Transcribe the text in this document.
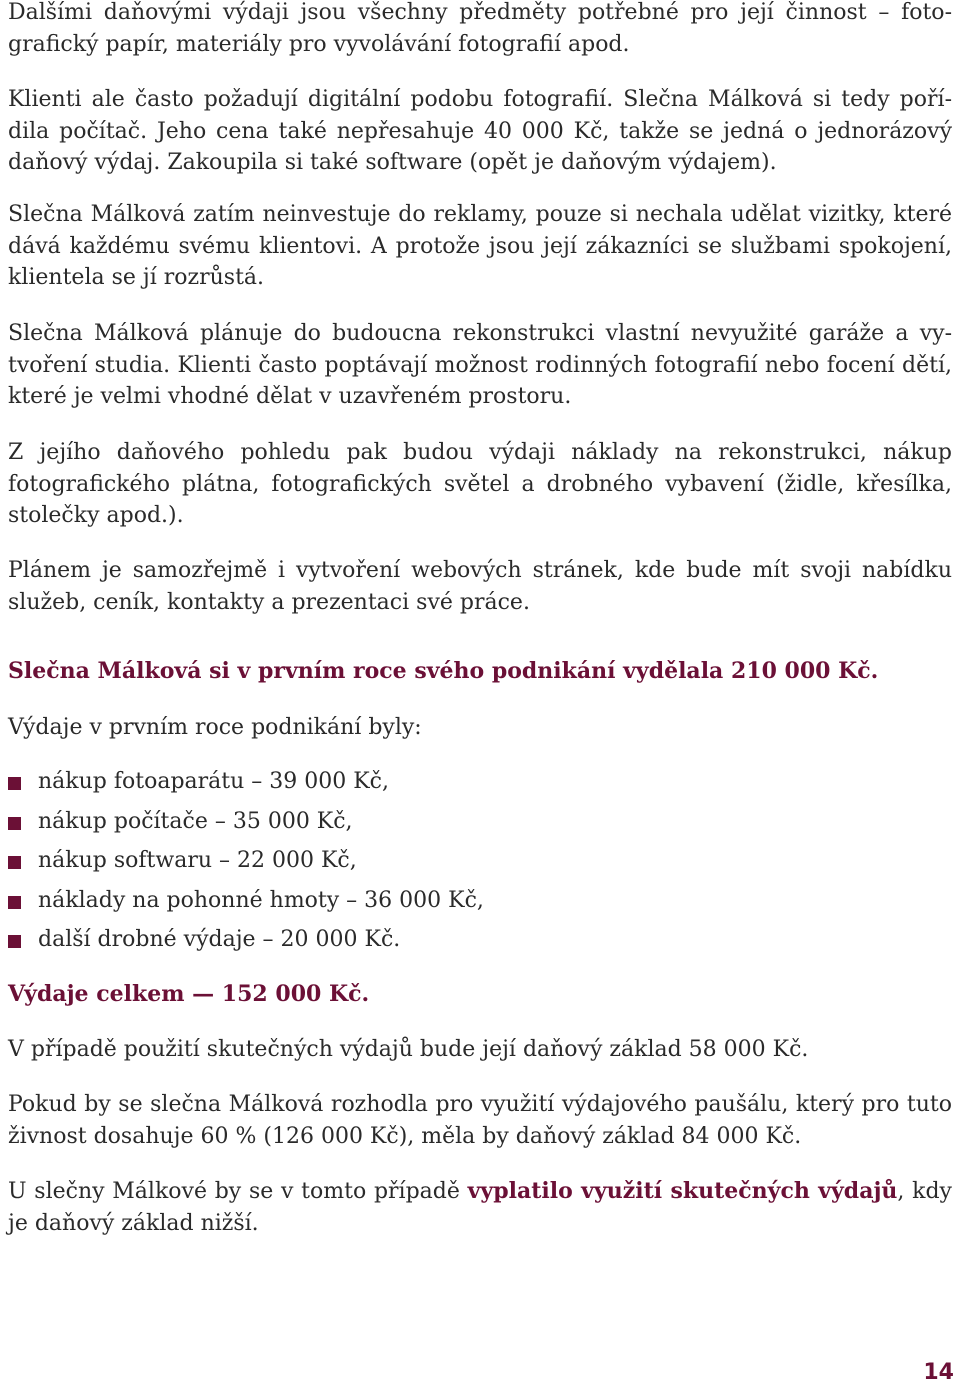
Dalšími daňovými výdaji jsou všechny předměty potřebné pro její činnost – fotografický papír, materiály pro vyvolávání fotografií apod.

Klienti ale často požadují digitální podobu fotografií. Slečna Málková si tedy pořídila počítač. Jeho cena také nepřesahuje 40 000 Kč, takže se jedná o jednorázový daňový výdaj. Zakoupila si také software (opět je daňovým výdajem).

Slečna Málková zatím neinvestuje do reklamy, pouze si nechala udělat vizitky, které dává každému svému klientovi. A protože jsou její zákazníci se službami spokojení, klientela se jí rozrůstá.

Slečna Málková plánuje do budoucna rekonstrukci vlastní nevyužité garáže a vytvoření studia. Klienti často poptávají možnost rodinných fotografií nebo focení dětí, které je velmi vhodné dělat v uzavřeném prostoru.

Z jejího daňového pohledu pak budou výdaji náklady na rekonstrukci, nákup fotografického plátna, fotografických světel a drobného vybavení (židle, křesílka, stolečky apod.).

Plánem je samozřejmě i vytvoření webových stránek, kde bude mít svoji nabídku služeb, ceník, kontakty a prezentaci své práce.

Slečna Málková si v prvním roce svého podnikání vydělala 210 000 Kč.

Výdaje v prvním roce podnikání byly:

nákup fotoaparátu – 39 000 Kč,
nákup počítače – 35 000 Kč,
nákup softwaru – 22 000 Kč,
náklady na pohonné hmoty – 36 000 Kč,
další drobné výdaje – 20 000 Kč.

Výdaje celkem — 152 000 Kč.

V případě použití skutečných výdajů bude její daňový základ 58 000 Kč.

Pokud by se slečna Málková rozhodla pro využití výdajového paušálu, který pro tuto živnost dosahuje 60 % (126 000 Kč), měla by daňový základ 84 000 Kč.

U slečny Málkové by se v tomto případě vyplatilo využití skutečných výdajů, kdy je daňový základ nižší.

14
